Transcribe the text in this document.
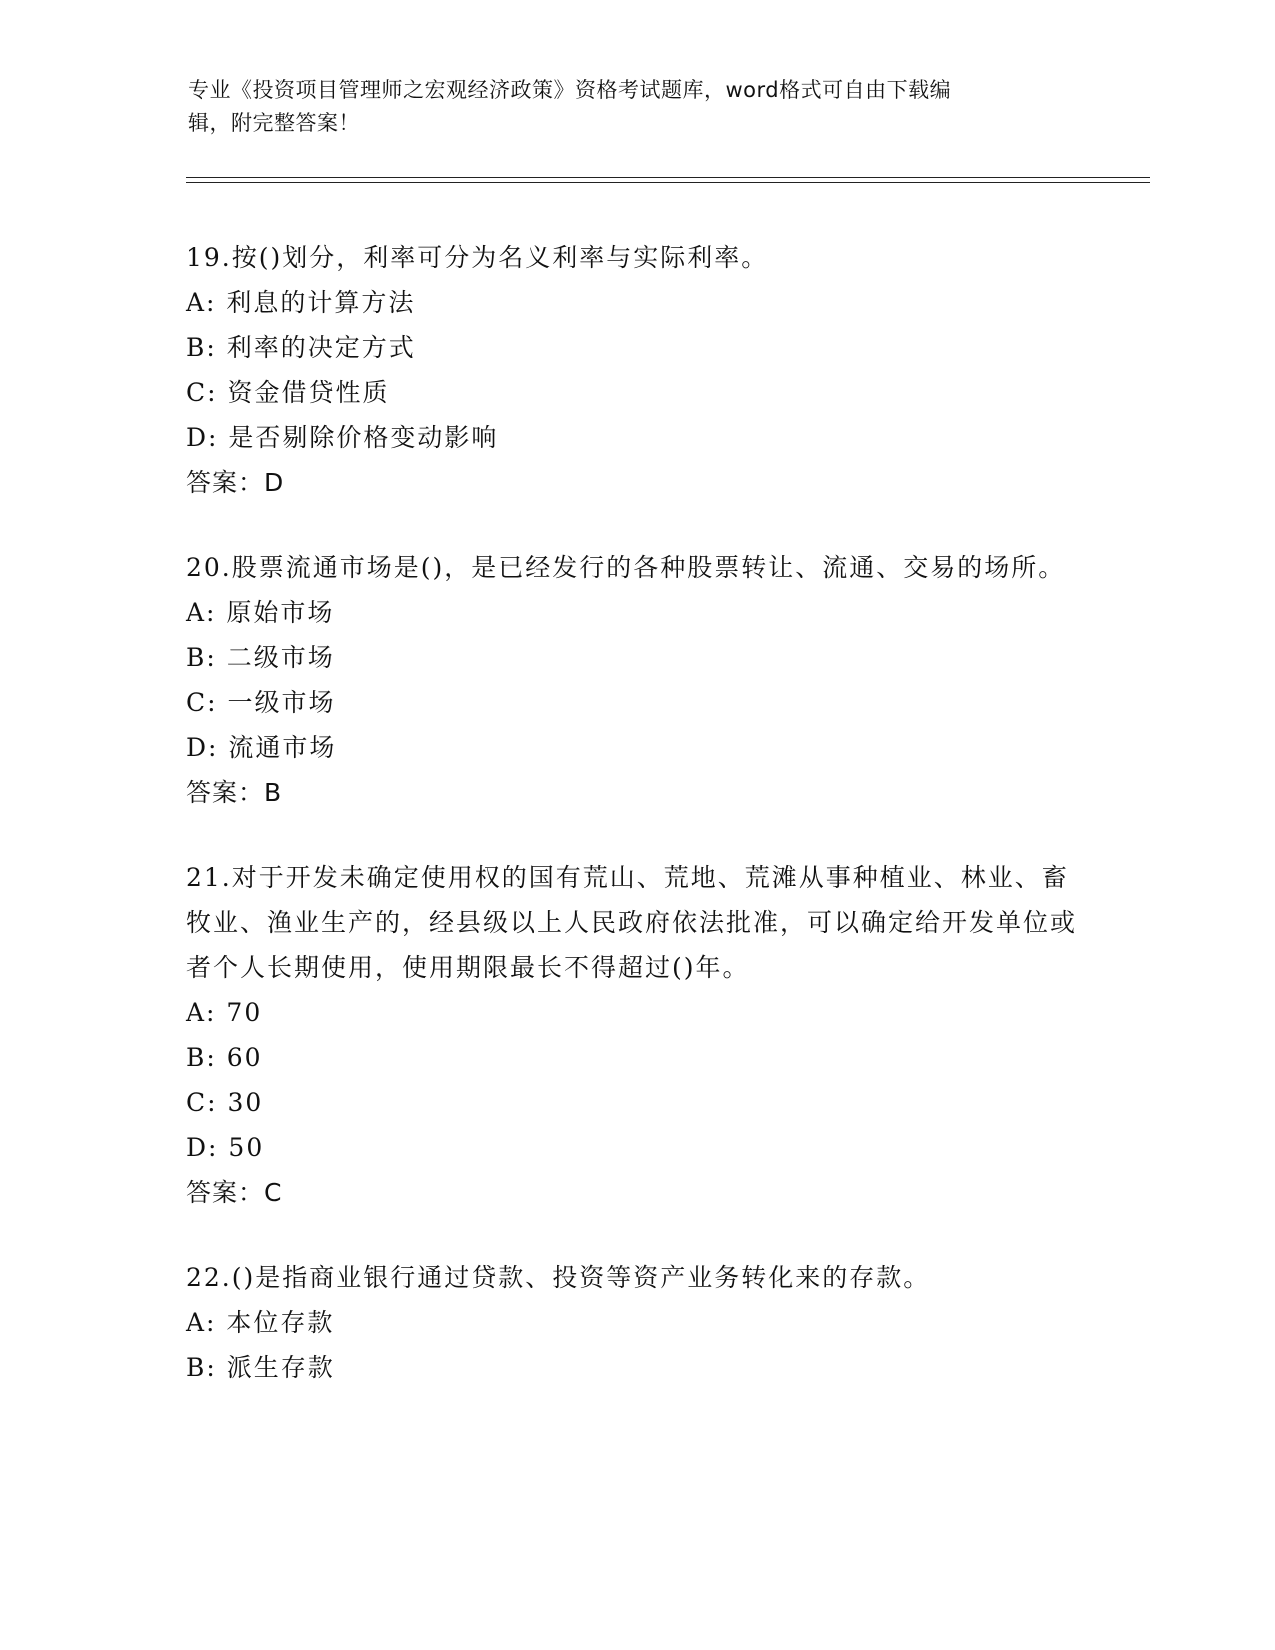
专业《投资项目管理师之宏观经济政策》资格考试题库，word格式可自由下载编
辑，附完整答案！
19.按()划分，利率可分为名义利率与实际利率。
A: 利息的计算方法
B: 利率的决定方式
C: 资金借贷性质
D: 是否剔除价格变动影响
答案：D
20.股票流通市场是()，是已经发行的各种股票转让、流通、交易的场所。
A: 原始市场
B: 二级市场
C: 一级市场
D: 流通市场
答案：B
21.对于开发未确定使用权的国有荒山、荒地、荒滩从事种植业、林业、畜牧业、渔业生产的，经县级以上人民政府依法批准，可以确定给开发单位或者个人长期使用，使用期限最长不得超过()年。
A: 70
B: 60
C: 30
D: 50
答案：C
22.()是指商业银行通过贷款、投资等资产业务转化来的存款。
A: 本位存款
B: 派生存款
